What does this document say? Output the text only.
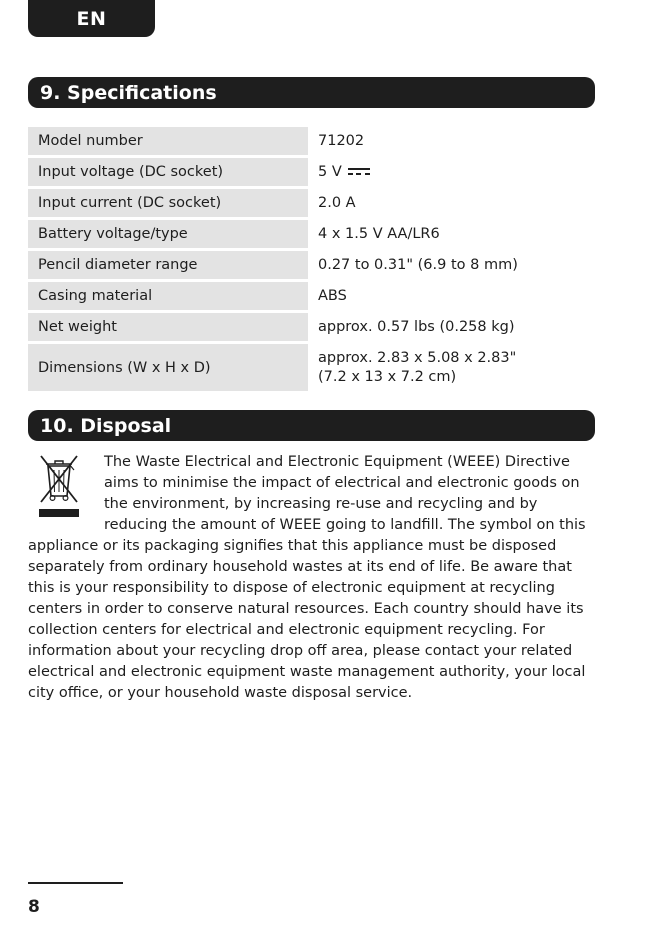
EN
9. Specifications
Model number	71202

Input voltage (DC socket)	5 V

Input current (DC socket)	2.0 A

Battery voltage/type	4 x 1.5 V AA/LR6

Pencil diameter range	0.27 to 0.31" (6.9 to 8 mm)

Casing material	ABS

Net weight	approx. 0.57 lbs (0.258 kg)

Dimensions (W x H x D)	approx. 2.83 x 5.08 x 2.83"
(7.2 x 13 x 7.2 cm)
10. Disposal

The Waste Electrical and Electronic Equipment (WEEE) Directive aims to minimise the impact of electrical and electronic goods on the environment, by increasing re-use and recycling and by reducing the amount of WEEE going to landfill. The symbol on this appliance or its packaging signifies that this appliance must be disposed separately from ordinary household wastes at its end of life. Be aware that this is your responsibility to dispose of electronic equipment at recycling centers in order to conserve natural resources. Each country should have its collection centers for electrical and electronic equipment recycling. For information about your recycling drop off area, please contact your related electrical and electronic equipment waste management authority, your local city office, or your household waste disposal service.

8
